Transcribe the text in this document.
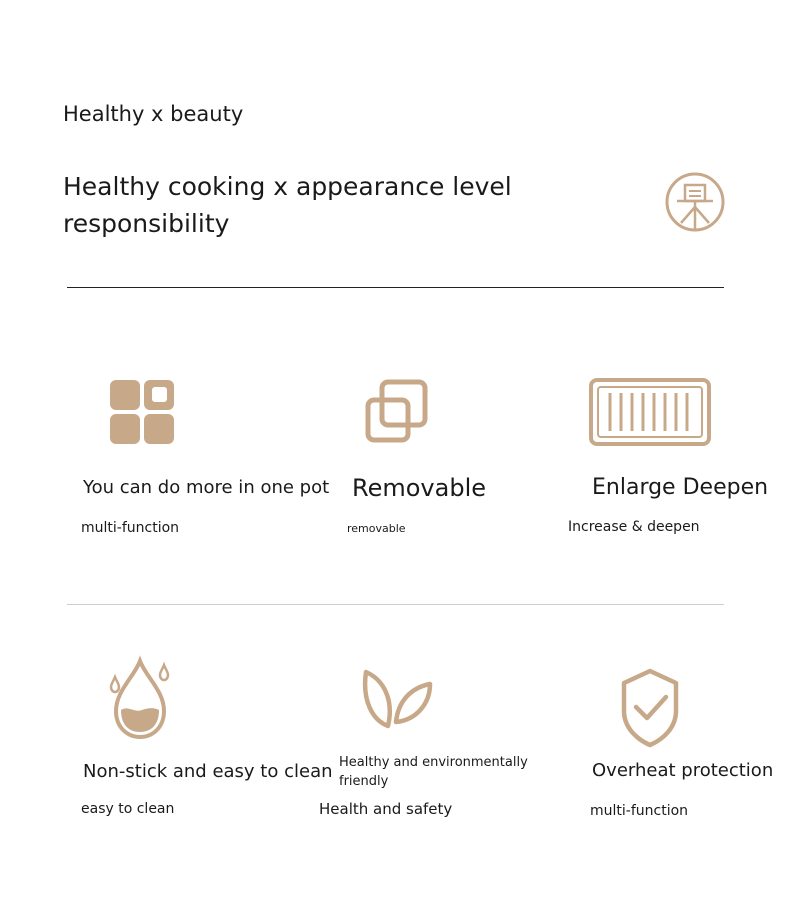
Healthy x beauty
Healthy cooking x appearance level responsibility
You can do more in one pot
multi-function
Removable
removable
Enlarge Deepen
Increase & deepen
Non-stick and easy to clean
easy to clean
Healthy and environmentally friendly
Health and safety
Overheat protection
multi-function
